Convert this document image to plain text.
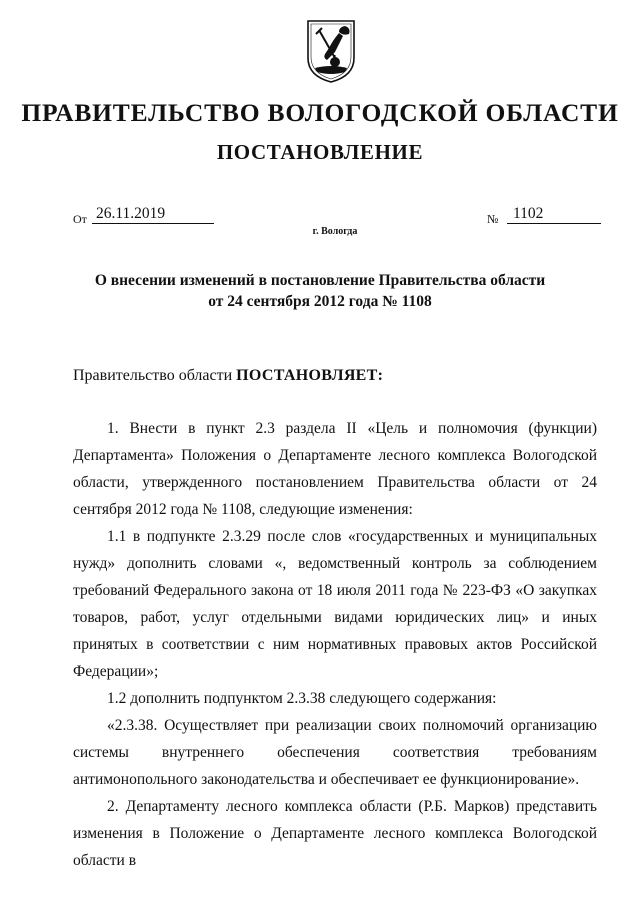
ПРАВИТЕЛЬСТВО ВОЛОГОДСКОЙ ОБЛАСТИ
ПОСТАНОВЛЕНИЕ
От 26.11.2019	№ 1102
г. Вологда
О внесении изменений в постановление Правительства области
от 24 сентября 2012 года № 1108
Правительство области ПОСТАНОВЛЯЕТ:

1. Внести в пункт 2.3 раздела II «Цель и полномочия (функции) Департамента» Положения о Департаменте лесного комплекса Вологодской области, утвержденного постановлением Правительства области от 24 сентября 2012 года № 1108, следующие изменения:

1.1 в подпункте 2.3.29 после слов «государственных и муниципальных нужд» дополнить словами «, ведомственный контроль за соблюдением требований Федерального закона от 18 июля 2011 года № 223-ФЗ «О закупках товаров, работ, услуг отдельными видами юридических лиц» и иных принятых в соответствии с ним нормативных правовых актов Российской Федерации»;

1.2 дополнить подпунктом 2.3.38 следующего содержания:

«2.3.38. Осуществляет при реализации своих полномочий организацию системы внутреннего обеспечения соответствия требованиям антимонопольного законодательства и обеспечивает ее функционирование».

2. Департаменту лесного комплекса области (Р.Б. Марков) представить изменения в Положение о Департаменте лесного комплекса Вологодской области в
